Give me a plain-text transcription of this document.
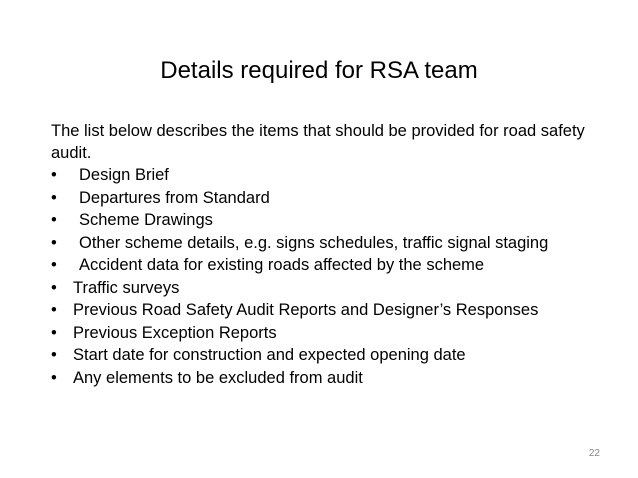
Details required for RSA team
The list below describes the items that should be provided for road safety audit.
• Design Brief
• Departures from Standard
• Scheme Drawings
• Other scheme details, e.g. signs schedules, traffic signal staging
• Accident data for existing roads affected by the scheme
• Traffic surveys
• Previous Road Safety Audit Reports and Designer’s Responses
• Previous Exception Reports
• Start date for construction and expected opening date
• Any elements to be excluded from audit
22
